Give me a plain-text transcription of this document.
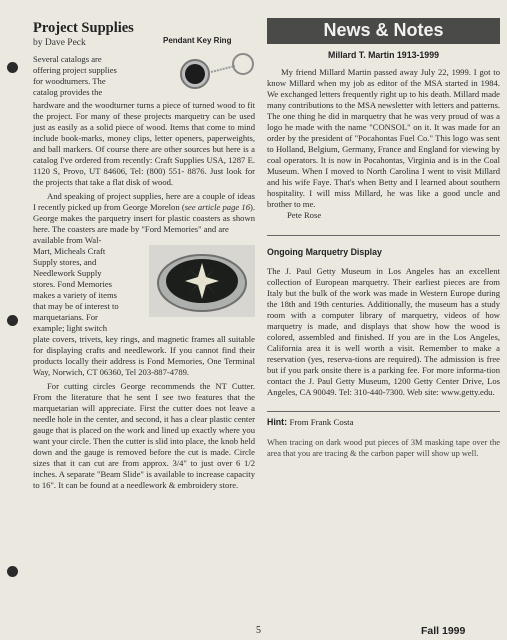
Project Supplies

by Dave Peck

Several catalogs are

offering project supplies

for woodturners. The

catalog provides the

Pendant Key Ring

hardware and the woodturner turns a piece of turned wood to fit the project. For many of these projects marquetry can be used just as easily as a solid piece of wood. Items that come to mind include book-marks, money clips, letter openers, paperweights, and ball markers. Of course there are other sources but here is a catalog I've ordered from recently: Craft Supplies USA, 1287 E. 1120 S, Provo, UT 84606, Tel: (800) 551- 8876. Just look for the projects that take a flat disk of wood.

And speaking of project supplies, here are a couple of ideas I recently picked up from George Morelon (see article page 16). George makes the parquetry insert for plastic coasters as shown here. The coasters are made by "Ford Memories" and are

available from Wal-

Mart, Micheals Craft

Supply stores, and

Needlework Supply

stores. Fond Memories

makes a variety of items

that may be of interest to

marquetarians. For

example; light switch

plate covers, trivets, key rings, and magnetic frames all suitable for displaying crafts and needlework. If you cannot find their products locally their address is Fond Memories, One Terminal Way, Norwich, CT 06360, Tel 203-887-4789.

For cutting circles George recommends the NT Cutter. From the literature that he sent I see two features that the marquetarian will appreciate. First the cutter does not leave a needle hole in the center, and second, it has a clear plastic center gauge that is placed on the work and lined up exactly where you want your circle. Then the cutter is slid into place, the knob held down and the gauge is removed before the cut is made. Circle sizes that it can cut are from approx. 3/4" to just over 6 1/2 inches. A separate "Beam Slide" is available to increase capacity to 16". It can be found at a needlework & embroidery store.

News & Notes

Millard T. Martin 1913-1999

My friend Millard Martin passed away July 22, 1999. I got to know Millard when my job as editor of the MSA started in 1984. We exchanged letters frequently right up to his death. Millard made many contributions to the MSA newsletter with letters and patterns. The one thing he did in marquetry that he was very proud of was a logo he made with the name "CONSOL" on it. It was made for an order by the president of "Pocahontas Fuel Co." This logo was sent to Holland, Belgium, Germany, France and England for viewing by coal operators. It is now in Pocahontas, Virginia and is in the Coal Museum. When I moved to North Carolina I went to visit Millard and his wife Faye. That's when Betty and I learned about southern hospitality. I will miss Millard, he was like a good uncle and brother to me.

Pete Rose

Ongoing Marquetry Display

The J. Paul Getty Museum in Los Angeles has an excellent collection of European marquetry. Their earliest pieces are from Italy but the bulk of the work was made in Western Europe during the 18th and 19th centuries. Additionally, the museum has a study room with a computer library of marquetry, videos of how marquetry is made, and displays that show how the wood is colored, assembled and finished. If you are in the Los Angeles, California area it is well worth a visit. Remember to make a reservation (yes, reserva-tions are required). The admission is free but if you park onsite there is a parking fee. For more informa-tion contact the J. Paul Getty Museum, 1200 Getty Center Drive, Los Angeles, CA 90049. Tel: 310-440-7300. Web site: www.getty.edu.

Hint: From Frank Costa

When tracing on dark wood put pieces of 3M masking tape over the area that you are tracing & the carbon paper will show up well.

5	Fall 1999
